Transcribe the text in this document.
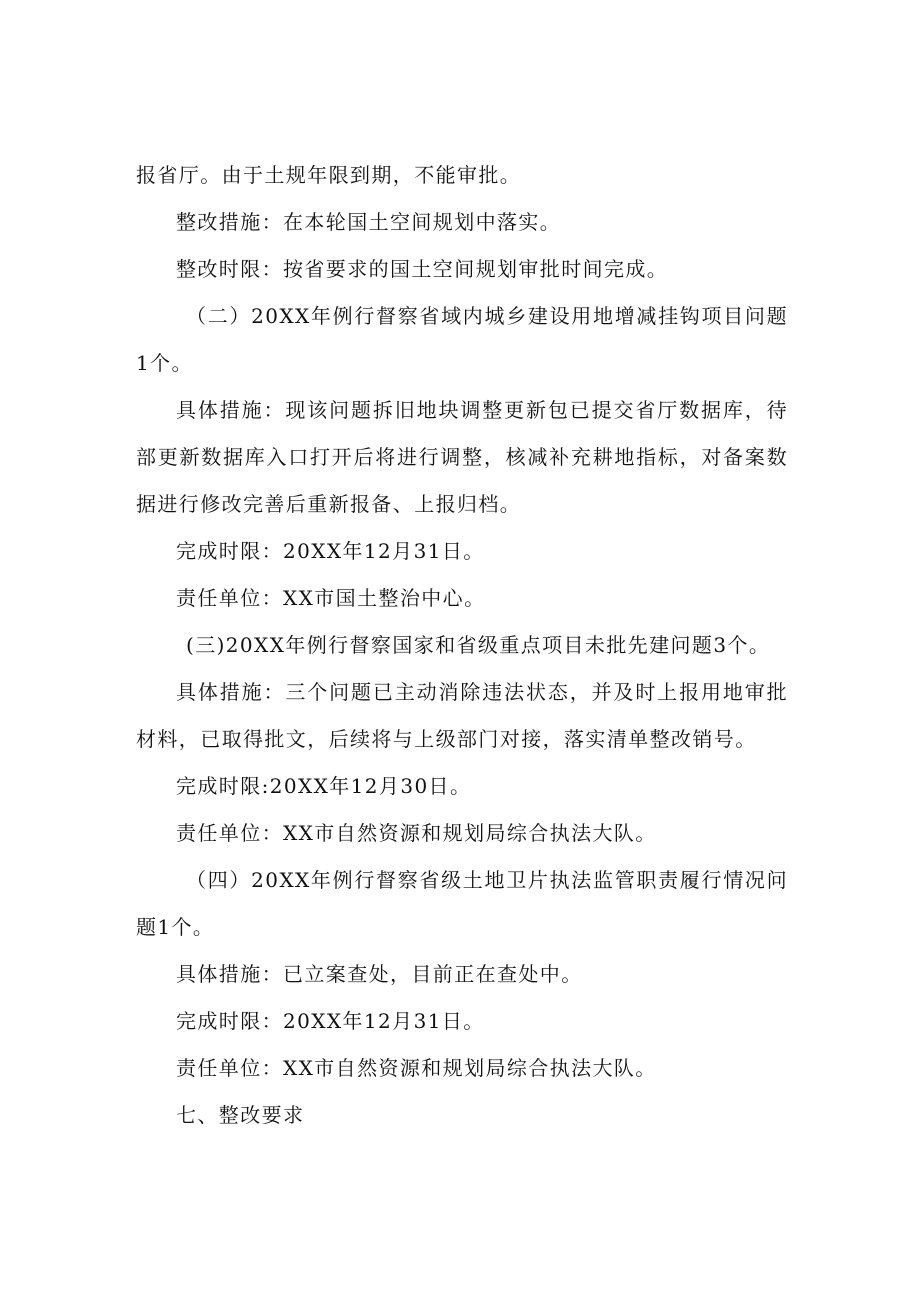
报省厅。由于土规年限到期，不能审批。

整改措施：在本轮国土空间规划中落实。

整改时限：按省要求的国土空间规划审批时间完成。

（二）20XX年例行督察省域内城乡建设用地增减挂钩项目问题1个。

具体措施：现该问题拆旧地块调整更新包已提交省厅数据库，待部更新数据库入口打开后将进行调整，核减补充耕地指标，对备案数据进行修改完善后重新报备、上报归档。

完成时限：20XX年12月31日。

责任单位：XX市国土整治中心。

(三)20XX年例行督察国家和省级重点项目未批先建问题3个。

具体措施：三个问题已主动消除违法状态，并及时上报用地审批材料，已取得批文，后续将与上级部门对接，落实清单整改销号。

完成时限:20XX年12月30日。

责任单位：XX市自然资源和规划局综合执法大队。

（四）20XX年例行督察省级土地卫片执法监管职责履行情况问题1个。

具体措施：已立案查处，目前正在查处中。

完成时限：20XX年12月31日。

责任单位：XX市自然资源和规划局综合执法大队。

七、整改要求
